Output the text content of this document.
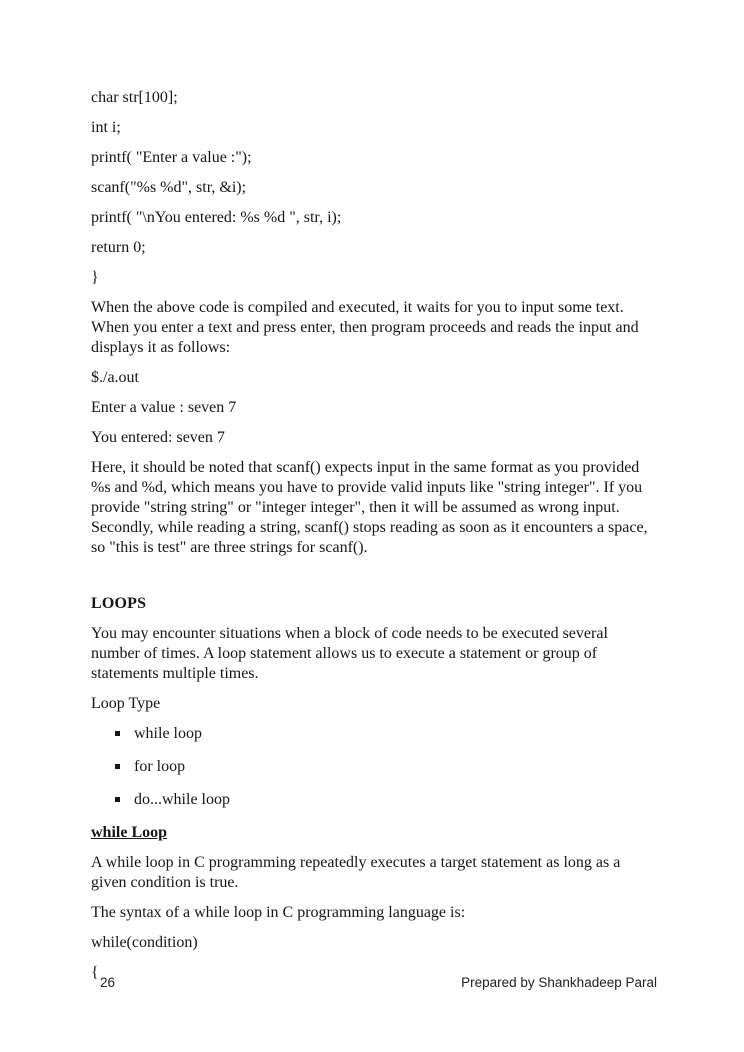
char str[100];

int i;

printf( "Enter a value :");

scanf("%s %d", str, &i);

printf( "\nYou entered: %s %d ", str, i);

return 0;

}

When the above code is compiled and executed, it waits for you to input some text. When you enter a text and press enter, then program proceeds and reads the input and displays it as follows:

$./a.out

Enter a value : seven 7

You entered: seven 7

Here, it should be noted that scanf() expects input in the same format as you provided %s and %d, which means you have to provide valid inputs like "string integer". If you provide "string string" or "integer integer", then it will be assumed as wrong input. Secondly, while reading a string, scanf() stops reading as soon as it encounters a space, so "this is test" are three strings for scanf().

LOOPS

You may encounter situations when a block of code needs to be executed several number of times. A loop statement allows us to execute a statement or group of statements multiple times.

Loop Type

while loop
for loop
do...while loop

while Loop

A while loop in C programming repeatedly executes a target statement as long as a given condition is true.

The syntax of a while loop in C programming language is:

while(condition)

{

26	Prepared by Shankhadeep Paral
